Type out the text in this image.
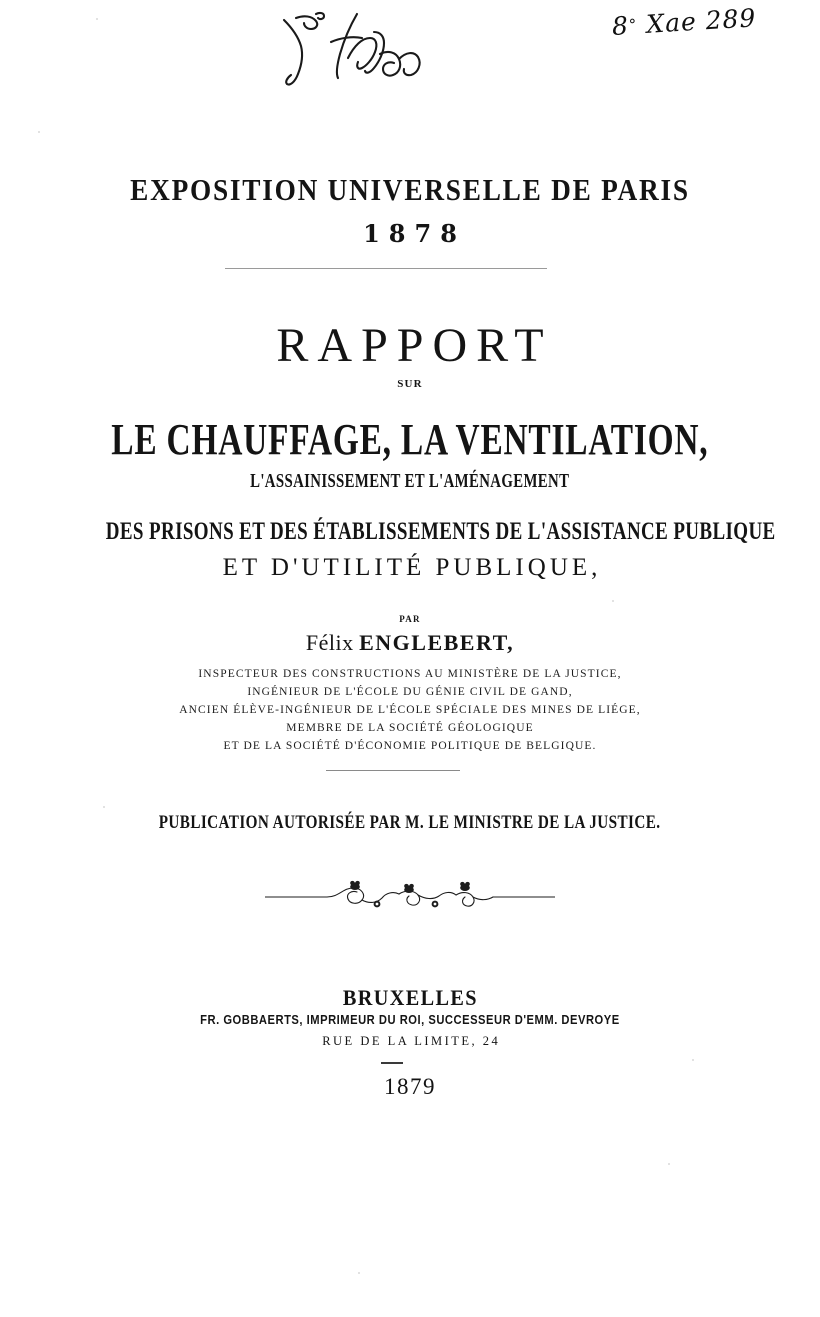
8° Xae 289
EXPOSITION UNIVERSELLE DE PARIS
1878
RAPPORT
SUR
LE CHAUFFAGE, LA VENTILATION,
L'ASSAINISSEMENT ET L'AMÉNAGEMENT
DES PRISONS ET DES ÉTABLISSEMENTS DE L'ASSISTANCE PUBLIQUE
ET D'UTILITÉ PUBLIQUE,
PAR
Félix ENGLEBERT,
INSPECTEUR DES CONSTRUCTIONS AU MINISTÈRE DE LA JUSTICE,
INGÉNIEUR DE L'ÉCOLE DU GÉNIE CIVIL DE GAND,
ANCIEN ÉLÈVE-INGÉNIEUR DE L'ÉCOLE SPÉCIALE DES MINES DE LIÉGE,
MEMBRE DE LA SOCIÉTÉ GÉOLOGIQUE
ET DE LA SOCIÉTÉ D'ÉCONOMIE POLITIQUE DE BELGIQUE.
PUBLICATION AUTORISÉE PAR M. LE MINISTRE DE LA JUSTICE.
BRUXELLES
FR. GOBBAERTS, IMPRIMEUR DU ROI, SUCCESSEUR D'EMM. DEVROYE
RUE DE LA LIMITE, 24
1879
